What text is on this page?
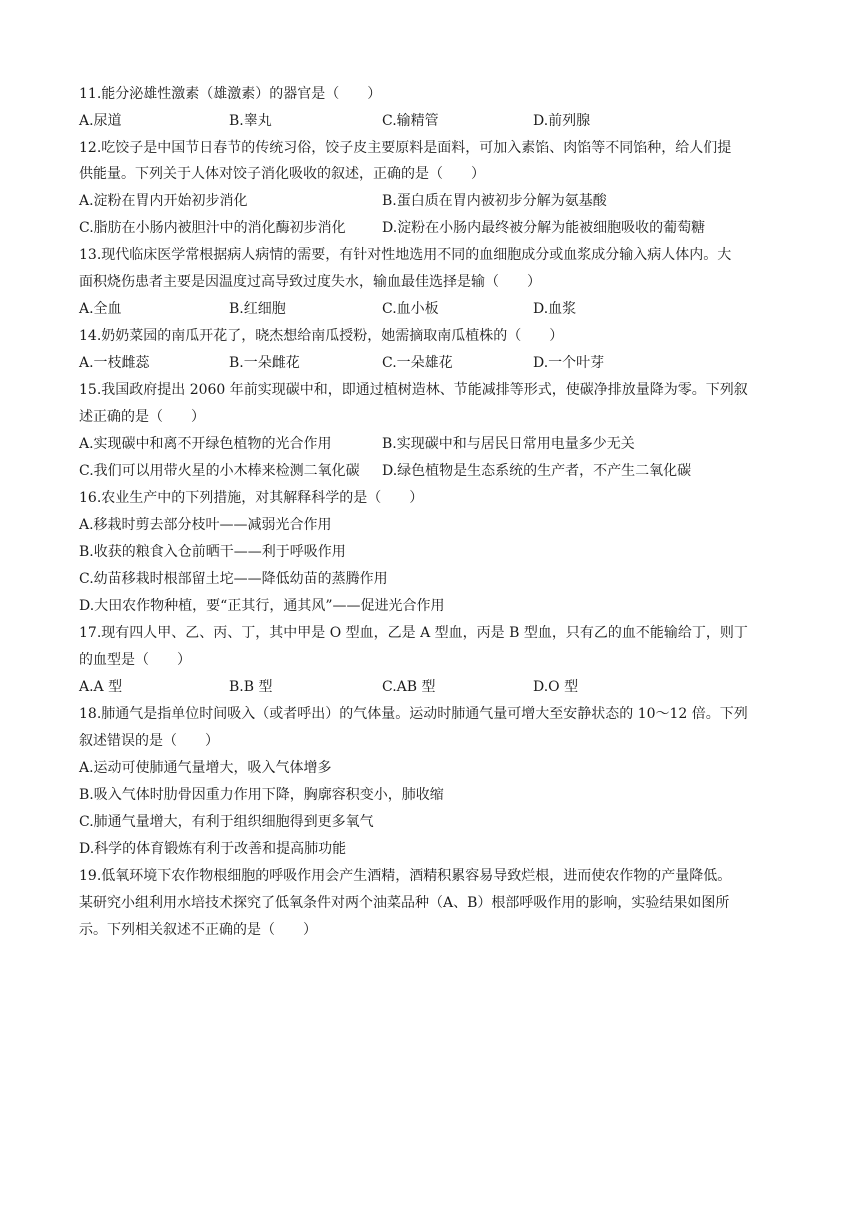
11.能分泌雄性激素（雄激素）的器官是（　　）
A.尿道	B.睾丸	C.输精管	D.前列腺
12.吃饺子是中国节日春节的传统习俗，饺子皮主要原料是面料，可加入素馅、肉馅等不同馅种，给人们提
供能量。下列关于人体对饺子消化吸收的叙述，正确的是（　　）
A.淀粉在胃内开始初步消化	B.蛋白质在胃内被初步分解为氨基酸
C.脂肪在小肠内被胆汁中的消化酶初步消化	D.淀粉在小肠内最终被分解为能被细胞吸收的葡萄糖
13.现代临床医学常根据病人病情的需要，有针对性地选用不同的血细胞成分或血浆成分输入病人体内。大
面积烧伤患者主要是因温度过高导致过度失水，输血最佳选择是输（　　）
A.全血	B.红细胞	C.血小板	D.血浆
14.奶奶菜园的南瓜开花了，晓杰想给南瓜授粉，她需摘取南瓜植株的（　　）
A.一枝雌蕊	B.一朵雌花	C.一朵雄花	D.一个叶芽
15.我国政府提出 2060 年前实现碳中和，即通过植树造林、节能减排等形式，使碳净排放量降为零。下列叙
述正确的是（　　）
A.实现碳中和离不开绿色植物的光合作用	B.实现碳中和与居民日常用电量多少无关
C.我们可以用带火星的小木棒来检测二氧化碳 D.绿色植物是生态系统的生产者，不产生二氧化碳
16.农业生产中的下列措施，对其解释科学的是（　　）
A.移栽时剪去部分枝叶——减弱光合作用
B.收获的粮食入仓前晒干——利于呼吸作用
C.幼苗移栽时根部留土坨——降低幼苗的蒸腾作用
D.大田农作物种植，要“正其行，通其风”——促进光合作用
17.现有四人甲、乙、丙、丁，其中甲是 O 型血，乙是 A 型血，丙是 B 型血，只有乙的血不能输给丁，则丁
的血型是（　　）
A.A 型	B.B 型	C.AB 型	D.O 型
18.肺通气是指单位时间吸入（或者呼出）的气体量。运动时肺通气量可增大至安静状态的 10～12 倍。下列
叙述错误的是（　　）
A.运动可使肺通气量增大，吸入气体增多
B.吸入气体时肋骨因重力作用下降，胸廓容积变小，肺收缩
C.肺通气量增大，有利于组织细胞得到更多氧气
D.科学的体育锻炼有利于改善和提高肺功能
19.低氧环境下农作物根细胞的呼吸作用会产生酒精，酒精积累容易导致烂根，进而使农作物的产量降低。
某研究小组利用水培技术探究了低氧条件对两个油菜品种（A、B）根部呼吸作用的影响，实验结果如图所
示。下列相关叙述不正确的是（　　）
